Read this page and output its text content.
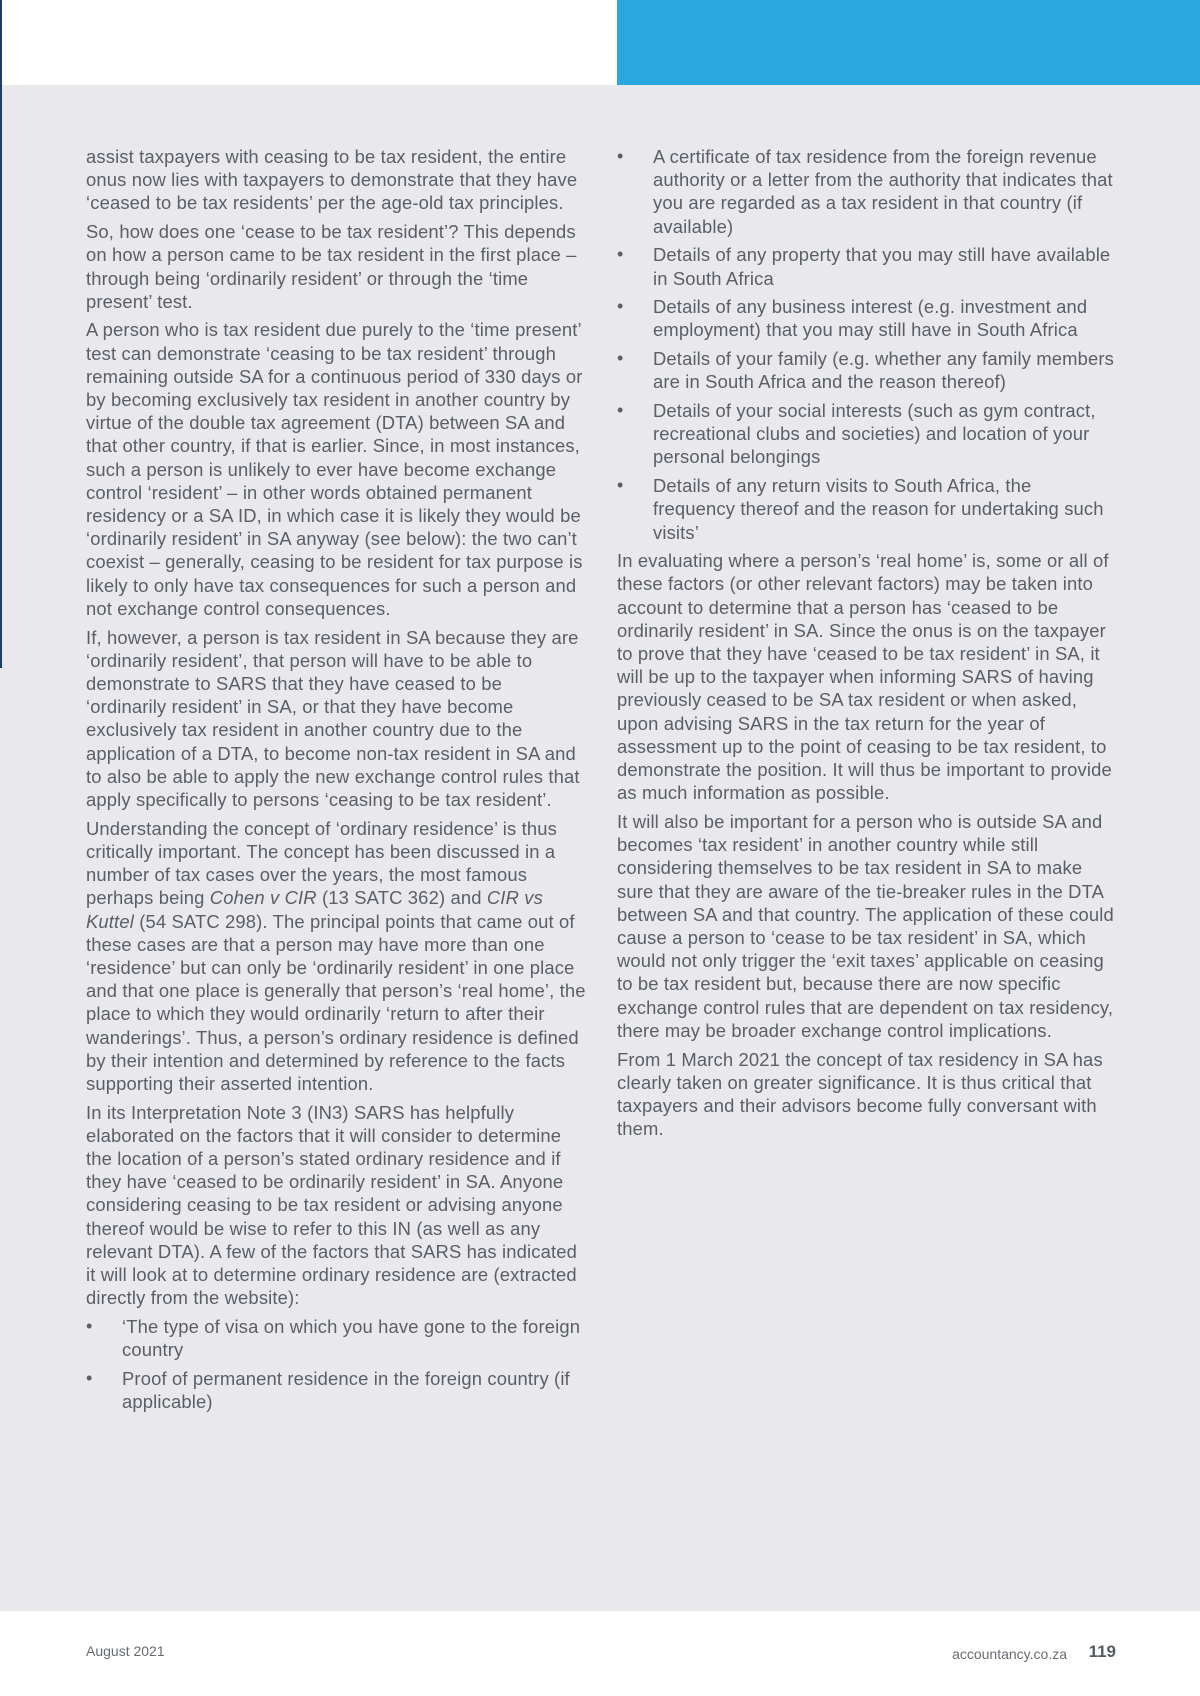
assist taxpayers with ceasing to be tax resident, the entire onus now lies with taxpayers to demonstrate that they have ‘ceased to be tax residents’ per the age-old tax principles.

So, how does one ‘cease to be tax resident’? This depends on how a person came to be tax resident in the first place – through being ‘ordinarily resident’ or through the ‘time present’ test.

A person who is tax resident due purely to the ‘time present’ test can demonstrate ‘ceasing to be tax resident’ through remaining outside SA for a continuous period of 330 days or by becoming exclusively tax resident in another country by virtue of the double tax agreement (DTA) between SA and that other country, if that is earlier. Since, in most instances, such a person is unlikely to ever have become exchange control ‘resident’ – in other words obtained permanent residency or a SA ID, in which case it is likely they would be ‘ordinarily resident’ in SA anyway (see below): the two can’t coexist – generally, ceasing to be resident for tax purpose is likely to only have tax consequences for such a person and not exchange control consequences.

If, however, a person is tax resident in SA because they are ‘ordinarily resident’, that person will have to be able to demonstrate to SARS that they have ceased to be ‘ordinarily resident’ in SA, or that they have become exclusively tax resident in another country due to the application of a DTA, to become non-tax resident in SA and to also be able to apply the new exchange control rules that apply specifically to persons ‘ceasing to be tax resident’.

Understanding the concept of ‘ordinary residence’ is thus critically important. The concept has been discussed in a number of tax cases over the years, the most famous perhaps being Cohen v CIR (13 SATC 362) and CIR vs Kuttel (54 SATC 298). The principal points that came out of these cases are that a person may have more than one ‘residence’ but can only be ‘ordinarily resident’ in one place and that one place is generally that person’s ‘real home’, the place to which they would ordinarily ‘return to after their wanderings’. Thus, a person’s ordinary residence is defined by their intention and determined by reference to the facts supporting their asserted intention.

In its Interpretation Note 3 (IN3) SARS has helpfully elaborated on the factors that it will consider to determine the location of a person’s stated ordinary residence and if they have ‘ceased to be ordinarily resident’ in SA. Anyone considering ceasing to be tax resident or advising anyone thereof would be wise to refer to this IN (as well as any relevant DTA). A few of the factors that SARS has indicated it will look at to determine ordinary residence are (extracted directly from the website):

• ‘The type of visa on which you have gone to the foreign country
• Proof of permanent residence in the foreign country (if applicable)
• A certificate of tax residence from the foreign revenue authority or a letter from the authority that indicates that you are regarded as a tax resident in that country (if available)
• Details of any property that you may still have available in South Africa
• Details of any business interest (e.g. investment and employment) that you may still have in South Africa
• Details of your family (e.g. whether any family members are in South Africa and the reason thereof)
• Details of your social interests (such as gym contract, recreational clubs and societies) and location of your personal belongings
• Details of any return visits to South Africa, the frequency thereof and the reason for undertaking such visits’

In evaluating where a person’s ‘real home’ is, some or all of these factors (or other relevant factors) may be taken into account to determine that a person has ‘ceased to be ordinarily resident’ in SA. Since the onus is on the taxpayer to prove that they have ‘ceased to be tax resident’ in SA, it will be up to the taxpayer when informing SARS of having previously ceased to be SA tax resident or when asked, upon advising SARS in the tax return for the year of assessment up to the point of ceasing to be tax resident, to demonstrate the position. It will thus be important to provide as much information as possible.

It will also be important for a person who is outside SA and becomes ‘tax resident’ in another country while still considering themselves to be tax resident in SA to make sure that they are aware of the tie-breaker rules in the DTA between SA and that country. The application of these could cause a person to ‘cease to be tax resident’ in SA, which would not only trigger the ‘exit taxes’ applicable on ceasing to be tax resident but, because there are now specific exchange control rules that are dependent on tax residency, there may be broader exchange control implications.

From 1 March 2021 the concept of tax residency in SA has clearly taken on greater significance. It is thus critical that taxpayers and their advisors become fully conversant with them.

August 2021	accountancy.co.za 119
